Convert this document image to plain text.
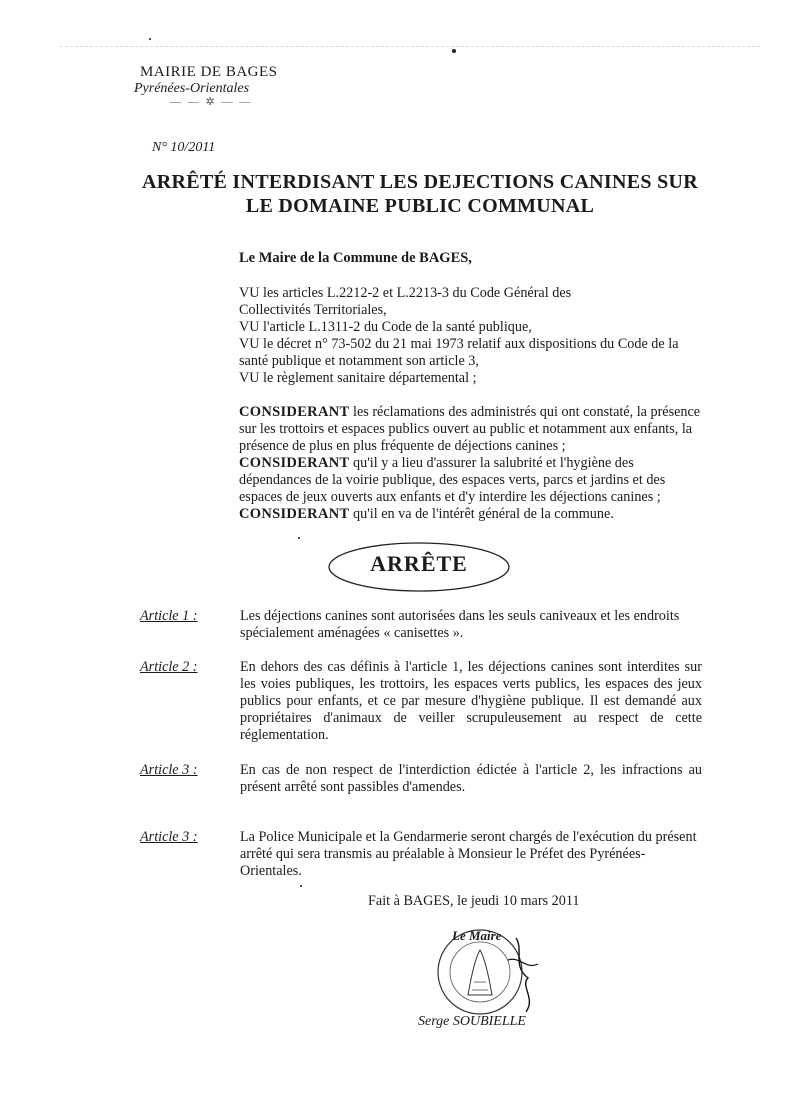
MAIRIE DE BAGES

Pyrénées-Orientales

— — ✲ — —
N° 10/2011
ARRÊTÉ INTERDISANT LES DEJECTIONS CANINES SUR
LE DOMAINE PUBLIC COMMUNAL

Le Maire de la Commune de BAGES,

VU les articles L.2212-2 et L.2213-3 du Code Général des

Collectivités Territoriales,

VU l'article L.1311-2 du Code de la santé publique,

VU le décret n° 73-502 du 21 mai 1973 relatif aux dispositions du Code de la

santé publique et notamment son article 3,

VU le règlement sanitaire départemental ;

CONSIDERANT les réclamations des administrés qui ont constaté, la présence sur les trottoirs et espaces publics ouvert au public et notamment aux enfants, la présence de plus en plus fréquente de déjections canines ;

CONSIDERANT qu'il y a lieu d'assurer la salubrité et l'hygiène des dépendances de la voirie publique, des espaces verts, parcs et jardins et des espaces de jeux ouverts aux enfants et d'y interdire les déjections canines ;

CONSIDERANT qu'il en va de l'intérêt général de la commune.

ARRÊTE
Article 1 :	Les déjections canines sont autorisées dans les seuls caniveaux et les endroits spécialement aménagées « canisettes ».
Article 2 :	En dehors des cas définis à l'article 1, les déjections canines sont interdites sur les voies publiques, les trottoirs, les espaces verts publics, les espaces des jeux publics pour enfants, et ce par mesure d'hygiène publique. Il est demandé aux propriétaires d'animaux de veiller scrupuleusement au respect de cette réglementation.
Article 3 :	En cas de non respect de l'interdiction édictée à l'article 2, les infractions au présent arrêté sont passibles d'amendes.
Article 3 :	La Police Municipale et la Gendarmerie seront chargés de l'exécution du présent arrêté qui sera transmis au préalable à Monsieur le Préfet des Pyrénées-Orientales.
Fait à BAGES, le jeudi 10 mars 2011
Le Maire
Serge SOUBIELLE
